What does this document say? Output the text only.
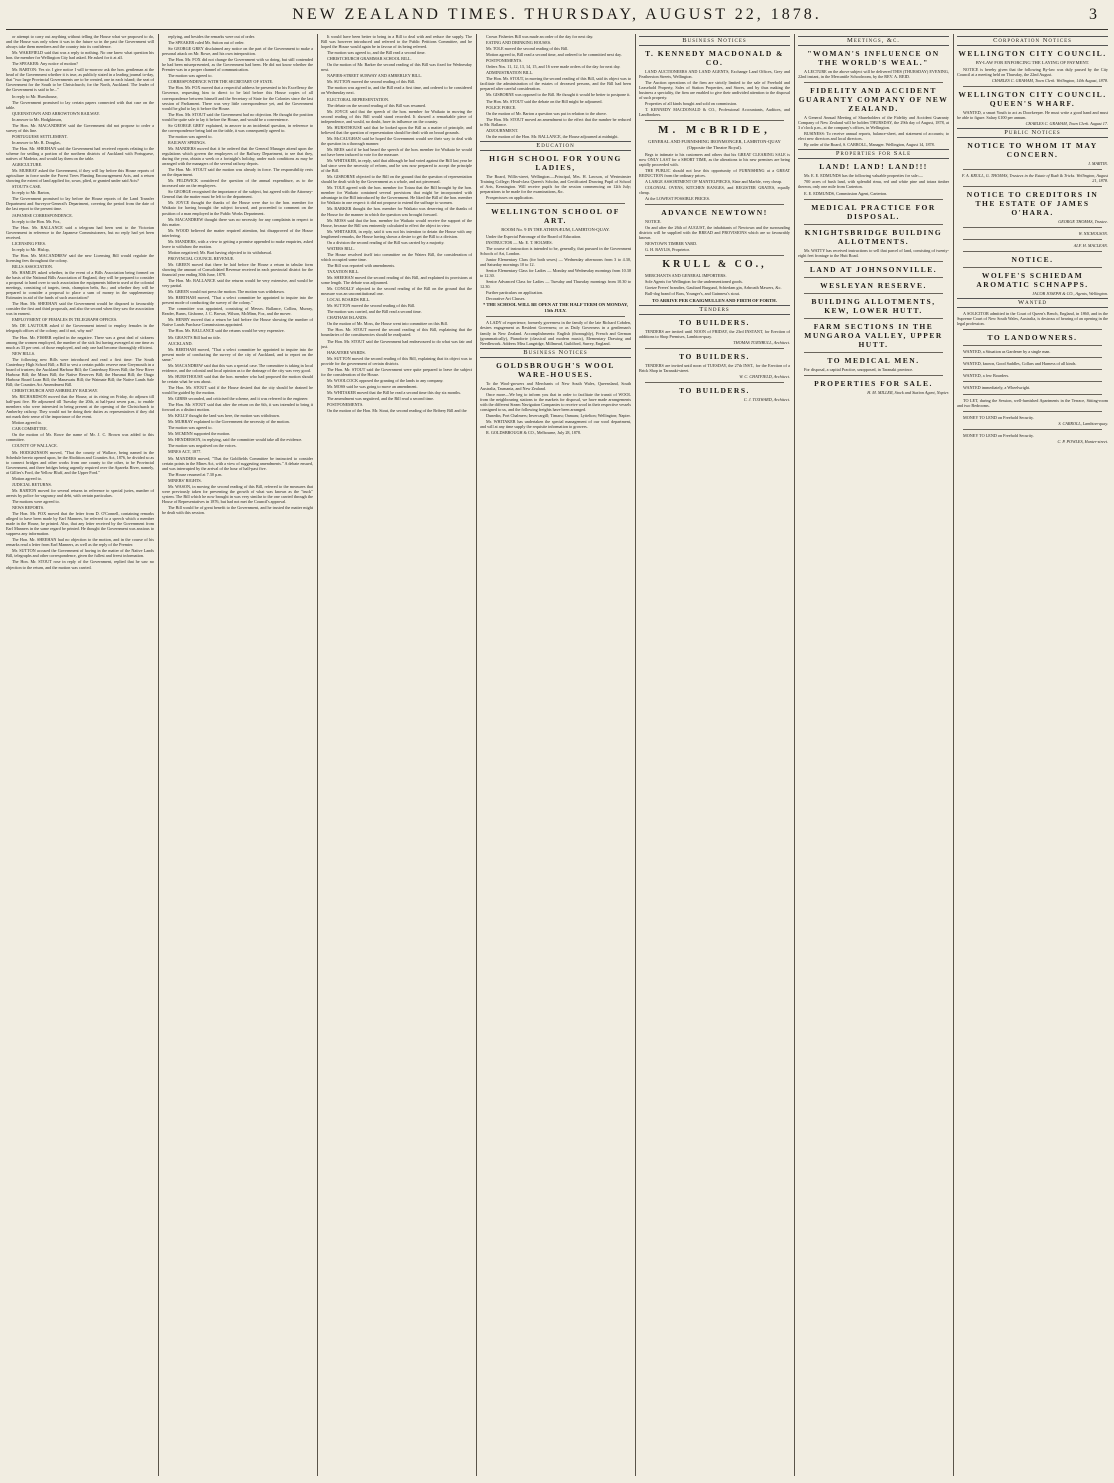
NEW ZEALAND TIMES. THURSDAY, AUGUST 22, 1878.	3

or attempt to carry out anything without telling the House what we proposed to do, and the House was only when it was in the future so in the past the Government will always take them members and the country into its confidence.

Mr. WAKEFIELD said that was a reply to nothing. No one knew what question his hon. the member for Wellington City had asked. He asked for it at all.

The SPEAKER: Any notice of motion?

Mr. BARTON: Yes sir. I give notice I will to-morrow ask the hon. gentleman at the head of the Government whether it is true, as publicly stated in a leading journal to-day, that "two large Provincial Governments are to be created, one in each island; the seat of Government for the South to be Christchurch; for the North, Auckland. The leader of the Government is said to be..."

In reply to Mr. Hursthouse,

The Government promised to lay certain papers connected with that case on the table.

QUEENSTOWN AND ARROWTOWN RAILWAY.

In answer to Mr. Hodgkinson,

The Hon. Mr. MACANDREW said the Government did not propose to order a survey of this line.

PORTUGUESE SETTLEMENT.

In answer to Mr. R. Douglas,

The Hon. Mr. SHEEHAN said the Government had received reports relating to the scheme for settling a portion of the northern districts of Auckland with Portuguese, natives of Madeira, and would lay them on the table.

AGRICULTURE.

Mr. MURRAY asked the Government, if they will lay before this House reports of agriculture in force under the Forest Trees Planting Encouragement Acts, and a return showing the extent of land applied for, sown, plied, or granted under said Acts?

STOUT'S CASE.

In reply to Mr. Barton,

The Government promised to lay before the House reports of the Land Transfer Department and Surveyor-General's Department, covering the period from the date of the last report to the present time.

JAPANESE CORRESPONDENCE.

In reply to the Hon. Mr. Fox,

The Hon. Mr. BALLANCE said a telegram had been sent to the Victorian Government in reference to the Japanese Commissioners, but no reply had yet been received.

LICENSING FEES.

In reply to Mr. Hislop,

The Hon. Mr. MACANDREW said the new Licensing Bill would regulate the licensing fees throughout the colony.

BILLS ASSOCIATION.

Mr. HAMLIN asked whether, in the event of a Bills Association being formed on the basis of the National Bills Association of England, they will be prepared to consider a proposal to hand over to such association the equipments hitherto used at the colonial meetings, consisting of targets, tents, champion belts, &c.; and whether they will be prepared to consider a proposal to place a sum of money in the supplementary Estimates in aid of the funds of such association?

The Hon. Mr. SHEEHAN said the Government would be disposed to favourably consider the first and third proposals, and also the second when they saw the association was in earnest.

EMPLOYMENT OF FEMALES IN TELEGRAPH OFFICES.

Mr. DE LAUTOUR asked if the Government intend to employ females in the telegraph offices of the colony; and if not, why not?

The Hon. Mr. FISHER replied in the negative. There was a great deal of sickness among the women employed, the number of the sick list having averaged at one time as much as 33 per cent. of those employed, and only one had become thoroughly efficient.

NEW BILLS.

The following new Bills were introduced and read a first time: The South Canterbury High School Bill; a Bill to vest a certain public reserve near Greymouth in a board of trustees; the Auckland Harbour Bill; the Canterbury Rivers Bill; the New River Harbour Bill; the Mines Bill; the Native Reserves Bill; the Hurunui Bill; the Otago Harbour Board Loan Bill; the Manawatu Bill; the Waimate Bill; the Native Lands Sale Bill; the Counties Act Amendment Bill.

CHRISTCHURCH AND AMBERLEY RAILWAY.

Mr. RICHARDSON moved that the House, at its rising on Friday, do adjourn till half-past five. He adjourned till Tuesday the 20th, at half-past seven p.m., to enable members who were interested in being present at the opening of the Christchurch to Amberley railway. They would not be doing their duties as representatives if they did not mark their sense of the importance of the event.

Motion agreed to.

CAB COMMITTEE.

On the motion of Mr. Rowe the name of Mr. J. C. Brown was added to this committee.

COUNTY OF WALLACE.

Mr. HODGKINSON moved, "That the county of Wallace, being named in the Schedule hereto opened upon, be the Abolition and Counties Act, 1876, be divided so as to connect bridges and other works from one county to the other, to be Provincial Government, and three bridges being urgently required over the Apareks River, namely, at Gillies's Ford, the Yellow Bluff, and the Upper Ford."

Motion agreed to.

JUDICIAL RETURNS.

Mr. BARTON moved for several returns in reference to special juries, number of arrests by police for vagrancy and debt, with certain particulars.

The motions were agreed to.

NEWS REPORTS.

The Hon. Mr. FOX moved that the letter from D. O'Connell, containing remarks alleged to have been made by Earl Manners, be referred to a speech which a member made in the House, be printed. Also, that any letter received by the Government from Earl Manners in the same regard be printed. He thought the Government was anxious to suppress any information.

The Hon. Mr. SHEEHAN had no objection to the motion, and in the course of his remarks read a letter from Earl Manners, as well as the reply of the Premier.

Mr. SUTTON accused the Government of having in the matter of the Native Lands Bill, telegraphs and other correspondence, given the fullest and freest information.

The Hon. Mr. STOUT rose in reply of the Government, replied that he saw no objection to the return, and the motion was carried.

replying, and besides the remarks were out of order.

The SPEAKER ruled Mr. Sutton out of order.

Sir GEORGE GREY disclaimed any notice on the part of the Government to make a personal attack on Mr. Rowe, and his own interposition.

The Hon. Mr. FOX did not change the Government with so doing, but still contended he had been misrepresented, as the Government had been. He did not know whether the Premier was in a proper channel of communication.

The motion was agreed to.

CORRESPONDENCE WITH THE SECRETARY OF STATE.

The Hon. Mr. FOX moved that a respectful address be presented to his Excellency the Governor, requesting him to direct to be laid before this House copies of all correspondence between himself and the Secretary of State for the Colonies since the last session of Parliament. There was very little correspondence yet, and the Government would be glad to lay it before the House.

The Hon. Mr. STOUT said the Government had no objection. He thought the position would be quite safe to lay it before the House, and would be a convenience.

Sir GEORGE GREY explained, in answer to an incidental question, in reference to the correspondence being laid on the table, it was consequently agreed to.

The motion was agreed to.

RAILWAY SPRINGS.

Mr. MANDERS moved that it be ordered that the General Manager attend upon the regulations which govern the employees of the Railway Department, to see that they, during the year, obtain a week or a fortnight's holiday, under such conditions as may be arranged with the managers of the several railway depots.

The Hon. Mr. STOUT said the motion was already in force. The responsibility rests on the department.

Mr. FELDWICK considered the question of the annual expenditure, as to the increased rate on the employees.

Sir GEORGE recognised the importance of the subject, but agreed with the Attorney-General that the matter must be left to the department.

Mr. JOYCE thought the thanks of the House were due to the hon. member for Waikato for having brought the subject forward, and proceeded to comment on the position of a man employed in the Public Works Department.

Mr. MACANDREW thought there was no necessity for any complaints in respect to this matter.

Mr. WOOD believed the matter required attention, but disapproved of the House interfering.

Mr. MANDERS, with a view to getting a promise appended to make enquiries, asked leave to withdraw the motion.

Motion negatived; Mr. Burt having objected to its withdrawal.

PROVINCIAL COUNCIL REVENUE.

Mr. GREEN moved that there be laid before the House a return in tabular form showing the amount of Consolidated Revenue received in each provincial district for the financial year ending 30th June, 1878.

The Hon. Mr. BALLANCE said the returns would be very extensive, and would be very partial.

Mr. GREEN would not press the motion. The motion was withdrawn.

Mr. BERTHAM moved, "That a select committee be appointed to inquire into the present mode of conducting the survey of the colony."

The committee was appointed, consisting of Messrs. Ballance, Collins, Murray, Reader, Burns, Gisborne, J. C. Brown, Wilson, McMinn, Fox, and the mover.

Mr. HENRY moved that a return be laid before the House showing the number of Native Lands Purchase Commissions appointed.

The Hon. Mr. BALLANCE said the returns would be very expensive.

Mr. GRANT'S Bill had no title.

AUCKLAND.

Mr. BERTHAM moved, "That a select committee be appointed to inquire into the present mode of conducting the survey of the city of Auckland, and to report on the same."

Mr. MACANDREW said that this was a special case. The committee is taking in local evidence, and the colonial and local opinion as to the drainage of the city was very good.

Mr. HURSTHOUSE said that the hon. member who had proposed the motion should be certain what he was about.

The Hon. Mr. STOUT said if the House desired that the city should be drained he would be guided by the motion.

Mr. GIBBS seconded, and criticised the scheme, and it was referred to the engineer.

The Hon. Mr. STOUT said that after the return on the 6th, it was intended to bring it forward as a distinct motion.

Mr. KELLY thought the land was here, the motion was withdrawn.

Mr. MURRAY explained to the Government the necessity of the motion.

The motion was agreed to.

Mr. MCMINN supported the motion.

Mr. HENDERSON, in replying, said the committee would take all the evidence.

The motion was negatived on the voices.

MINES ACT, 1877.

Mr. MANDERS moved, "That the Goldfields Committee be instructed to consider certain points in the Mines Act, with a view of suggesting amendments." A debate ensued, and was interrupted by the arrival of the hour of half-past five.

The House resumed at 7.30 p.m.

MINERS' RIGHTS.

Mr. WASON, in moving the second reading of this Bill, referred to the measures that were previously taken for preventing the growth of what was known as the "truck" system. The Bill which he now brought in was very similar to the one carried through the House of Representatives in 1876, but had not met the Council's approval.

The Bill would be of great benefit to the Government, and he trusted the matter might be dealt with this session.

It would have been better to bring in a Bill to deal with and reduce the supply. The Bill was however introduced and referred to the Public Petitions Committee, and he hoped the House would again be in favour of its being referred.

The motion was agreed to, and the Bill read a second time.

CHRISTCHURCH GRAMMAR SCHOOL BILL.

On the motion of Mr. Barker the second reading of this Bill was fixed for Wednesday next.

NAPIER-STREET SUBWAY AND AMBERLEY BILL.

Mr. SUTTON moved the second reading of this Bill.

The motion was agreed to, and the Bill read a first time, and ordered to be considered on Wednesday next.

ELECTORAL REPRESENTATION.

The debate on the second reading of this Bill was resumed.

Mr. JOYCE said that the speech of the hon. member for Waikato in moving the second reading of this Bill would stand recorded. It showed a remarkable piece of independence, and would, no doubt, have its influence on the country.

Mr. HURSTHOUSE said that he looked upon the Bill as a matter of principle, and believed that the question of representation should be dealt with on broad grounds.

Mr. McCAUGHAN said he hoped the Government would see their way to deal with the question in a thorough manner.

Mr. REES said if he had heard the speech of the hon. member for Waikato he would not have been induced to vote for the measure.

Mr. WHITAKER, in reply, said that although he had voted against the Bill last year he had since seen the necessity of reform, and he was now prepared to accept the principle of the Bill.

Mr. GISBORNE objected to the Bill on the ground that the question of representation should be dealt with by the Government as a whole, and not piecemeal.

Mr. TOLE agreed with the hon. member for Totara that the Bill brought by the hon. member for Waikato contained several provisions that might be incorporated with advantage in the Bill introduced by the Government. He liked the Bill of the hon. member for Waikato in one respect: it did not propose to extend the suffrage to women.

Mr. BARKER thought the hon. member for Waikato was deserving of the thanks of the House for the manner in which the question was brought forward.

Mr. MOSS said that the hon. member for Waikato would receive the support of the House, because the Bill was eminently calculated to effect the object in view.

Mr. WHITAKER, in reply, said it was not his intention to detain the House with any lengthened remarks, the House having shown a desire to get the Bill to a division.

On a division the second reading of the Bill was carried by a majority.

WATERS BILL.

The House resolved itself into committee on the Waters Bill, the consideration of which occupied some time.

The Bill was reported with amendments.

TAXATION BILL.

Mr. SHEEHAN moved the second reading of this Bill, and explained its provisions at some length. The debate was adjourned.

Mr. CONOLLY objected to the second reading of the Bill on the ground that the measure was an unconstitutional one.

LOCAL BOARDS BILL.

Mr. SUTTON moved the second reading of this Bill.

The motion was carried, and the Bill read a second time.

CHATHAM ISLANDS.

On the motion of Mr. Moss, the House went into committee on this Bill.

The Hon. Mr. STOUT moved the second reading of this Bill, explaining that the boundaries of the constituencies should be readjusted.

The Hon. Mr. STOUT said the Government had endeavoured to do what was fair and just.

HAKATERE WARDS.

Mr. SUTTON moved the second reading of this Bill, explaining that its object was to provide for the government of certain districts.

The Hon. Mr. STOUT said the Government were quite prepared to leave the subject for the consideration of the House.

Mr. WOOLCOCK opposed the granting of the lands to any company.

Mr. MOSS said he was going to move an amendment.

Mr. WHITAKER moved that the Bill be read a second time this day six months.

The amendment was negatived, and the Bill read a second time.

POSTPONEMENTS.

On the motion of the Hon. Mr. Stout, the second reading of the Bribery Bill and the

Crown Fisheries Bill was made an order of the day for next day.

EATING AND DRINKING HOUSES.

Mr. TOLE moved the second reading of this Bill.

Motion agreed to, Bill read a second time, and ordered to be committed next day.

POSTPONEMENTS.

Orders Nos. 11, 12, 13, 14, 15, and 16 were made orders of the day for next day.

ADMINISTRATION BILL.

The Hon. Mr. STOUT, in moving the second reading of this Bill, said its object was to facilitate the administration of the estates of deceased persons, and the Bill had been prepared after careful consideration.

Mr. GISBORNE was opposed to the Bill. He thought it would be better to postpone it.

The Hon. Mr. STOUT said the debate on the Bill might be adjourned.

POLICE FORCE.

On the motion of Mr. Barton a question was put in relation to the above.

The Hon. Mr. STOUT moved an amendment to the effect that the number be reduced to Mr. Ballance.

ADJOURNMENT.

On the motion of the Hon. Mr. BALLANCE, the House adjourned at midnight.

Education
HIGH SCHOOL FOR YOUNG LADIES,

The Board, Willis-street, Wellington.—Principal, Mrs. H. Lawson, of Westminster Training College; Head-class Queen's Scholar, and Certificated Drawing Pupil of School of Arts, Kensington. Will receive pupils for the session commencing on 12th July; preparations to be made for the examinations, &c.

Prospectuses on application.

WELLINGTON SCHOOL OF ART.
ROOM No. 9 IN THE ATHENÆUM, LAMBTON-QUAY.

Under the Especial Patronage of the Board of Education.

INSTRUCTOR — Mr. E. T. HOLMES.

The course of instruction is intended to be, generally, that pursued in the Government Schools of Art, London.

Junior Elementary Class (for both sexes) — Wednesday afternoons from 3 to 4.30, and Saturday mornings 10 to 12.

Senior Elementary Class for Ladies — Monday and Wednesday mornings from 10.30 to 12.30.

Senior Advanced Class for Ladies — Tuesday and Thursday mornings from 10.30 to 12.30.

Further particulars on application.

Decorative Art Classes.

* THE SCHOOL WILL BE OPEN AT THE HALF TERM ON MONDAY, 15th JULY.

A LADY of experience, formerly governess in the family of the late Richard Cobden, desires engagement as Resident Governess; or as Daily Governess in a gentleman's family in New Zealand. Accomplishments: English (thoroughly), French and German (grammatically), Pianoforte (classical and modern music), Elementary Drawing and Needlework. Address Miss Langridge, Millmead, Guildford, Surrey, England.

Business Notices
GOLDSBROUGH'S WOOL WARE-HOUSES.

To the Wool-growers and Merchants of New South Wales, Queensland, South Australia, Tasmania, and New Zealand.

Once more—We beg to inform you that in order to facilitate the transit of WOOL from the neighbouring stations to the markets for disposal, we have made arrangements with the different Steam Navigation Companies to receive wool in their respective vessels consigned to us, and the following freights have been arranged.

Dunedin, Port Chalmers; Invercargill; Timaru; Oamaru; Lyttelton; Wellington; Napier.

Mr. WHITAKER has undertaken the special management of our wool department, and will at any time supply the requisite information to growers.

R. GOLDSBROUGH & CO., Melbourne, July 28, 1878.

Business Notices
T. KENNEDY MACDONALD & CO.

LAND AUCTIONEERS AND LAND AGENTS, Exchange Land Offices, Grey and Featherston Streets, Wellington.

The Auction operations of the firm are strictly limited to the sale of Freehold and Leasehold Property, Sales of Station Properties, and Stores, and by thus making the business a speciality, the firm are enabled to give their undivided attention to the disposal of such property.

Properties of all kinds bought and sold on commission.

T. KENNEDY MACDONALD & CO., Professional Accountants, Auditors, and Landbrokers.

M. McBRIDE,
GENERAL AND FURNISHING IRONMONGER, LAMBTON-QUAY (Opposite the Theatre Royal).

Begs to intimate to his customers and others that his GREAT CLEARING SALE is now ONLY LAST for a SHORT TIME, as the alterations to his new premises are being rapidly proceeded with.

THE PUBLIC should not lose this opportunity of FURNISHING at a GREAT REDUCTION from the ordinary prices.

A LARGE ASSORTMENT OF MANTELPIECES, Slate and Marble, very cheap.

COLONIAL OVENS, KITCHEN RANGES, and REGISTER GRATES, equally cheap.

At the LOWEST POSSIBLE PRICES.

ADVANCE NEWTOWN!

NOTICE.

On and after the 26th of AUGUST, the inhabitants of Newtown and the surrounding districts will be supplied with the BREAD and PROVISIONS which are so favourably known.

NEWTOWN TIMBER YARD.

G. H. BAYLIS, Proprietor.

KRULL & CO.,

MERCHANTS AND GENERAL IMPORTERS.

Sole Agents for Wellington for the undermentioned goods.

Goetze Freres' brandies, Gaultard Burgund, Schiedam gin, Arbroath Mawers, &c.

Bull-dog brand of Bass, Younger's, and Guinness's stout.

TO ARRIVE PER CRAIGMULLEN AND FIRTH OF FORTH.
Tenders
TO BUILDERS.

TENDERS are invited until NOON of FRIDAY, the 23rd INSTANT, for Erection of additions to Shop Premises, Lambton-quay.

THOMAS TURNBULL, Architect.
TO BUILDERS.

TENDERS are invited until noon of TUESDAY, the 27th INST., for the Erection of a Brick Shop in Taranaki-street.

W. C. CHATFIELD, Architect.
TO BUILDERS.
C. J. TOXWARD, Architect.
Meetings, &c.
"WOMAN'S INFLUENCE ON THE WORLD'S WEAL."

A LECTURE on the above subject will be delivered THIS (THURSDAY) EVENING, 22nd instant, in the Mercantile Schoolroom, by the REV. A. REID.

FIDELITY AND ACCIDENT GUARANTY COMPANY OF NEW ZEALAND.

A General Annual Meeting of Shareholders of the Fidelity and Accident Guaranty Company of New Zealand will be holden THURSDAY, the 29th day of August, 1878, at 3 o'clock p.m., at the company's offices, in Wellington.

BUSINESS: To receive annual reports, balance-sheet, and statement of accounts; to elect new directors and local directors.

By order of the Board, S. CARROLL, Manager. Wellington, August 14, 1878.

Properties for Sale
LAND! LAND! LAND!!!

Mr. E. E. EDMUNDS has the following valuable properties for sale:—

700 acres of bush land, with splendid rimu, red and white pine and totara timber thereon, only one mile from Carterton.

E. E. EDMUNDS, Commission Agent, Carterton.

MEDICAL PRACTICE FOR DISPOSAL.
KNIGHTSBRIDGE BUILDING ALLOTMENTS.

Mr. WATTY has received instructions to sell that parcel of land, consisting of twenty-eight feet frontage to the Hutt Road.

LAND AT JOHNSONVILLE.
WESLEYAN RESERVE.
BUILDING ALLOTMENTS, KEW, LOWER HUTT.
FARM SECTIONS IN THE MUNGAROA VALLEY, UPPER HUTT.
TO MEDICAL MEN.

For disposal, a capital Practice, unopposed, in Taranaki province.

PROPERTIES FOR SALE.
H. M. MILLER, Stock and Station Agent, Napier.
Corporation Notices
WELLINGTON CITY COUNCIL.
BY-LAW FOR ENFORCING THE LAYING OF PAYMENT.

NOTICE is hereby given that the following By-law was duly passed by the City Council at a meeting held on Thursday, the 22nd August.

CHARLES C. GRAHAM, Town Clerk. Wellington, 14th August, 1878.
WELLINGTON CITY COUNCIL. QUEEN'S WHARF.

WANTED, a smart Youth to act as Doorkeeper. He must write a good hand and must be able to figure. Salary £100 per annum.

CHARLES C. GRAHAM, Town Clerk. August 17.
Public Notices
NOTICE TO WHOM IT MAY CONCERN.
I. MARTIN.
F. A. KRULL, G. THOMAS, Trustees in the Estate of Rudt & Tricks. Wellington, August 21, 1878.
NOTICE TO CREDITORS IN THE ESTATE OF JAMES O'HARA.
GEORGE THOMAS, Trustee.
W. NICHOLSON.
ALF. H. MACLEAN.
NOTICE.
WOLFE'S SCHIEDAM AROMATIC SCHNAPPS.
JACOB JOSEPH & CO., Agents, Wellington.
Wanted

A SOLICITOR admitted in the Court of Queen's Bench, England, in 1860, and in the Supreme Court of New South Wales, Australia, is desirous of hearing of an opening in the legal profession.

TO LANDOWNERS.

WANTED, a Situation as Gardener by a single man.

WANTED, known, Good Saddles, Collars and Harness of all kinds.

WANTED, a few Boarders.

WANTED immediately, a Wheelwright.

TO LET, during the Session, well-furnished Apartments in the Terrace, Sitting-room and two Bedrooms.

MONEY TO LEND on Freehold Security.

S. CARROLL, Lambton-quay.

MONEY TO LEND on Freehold Security.

C. P. POWLES, Hunter-street.
